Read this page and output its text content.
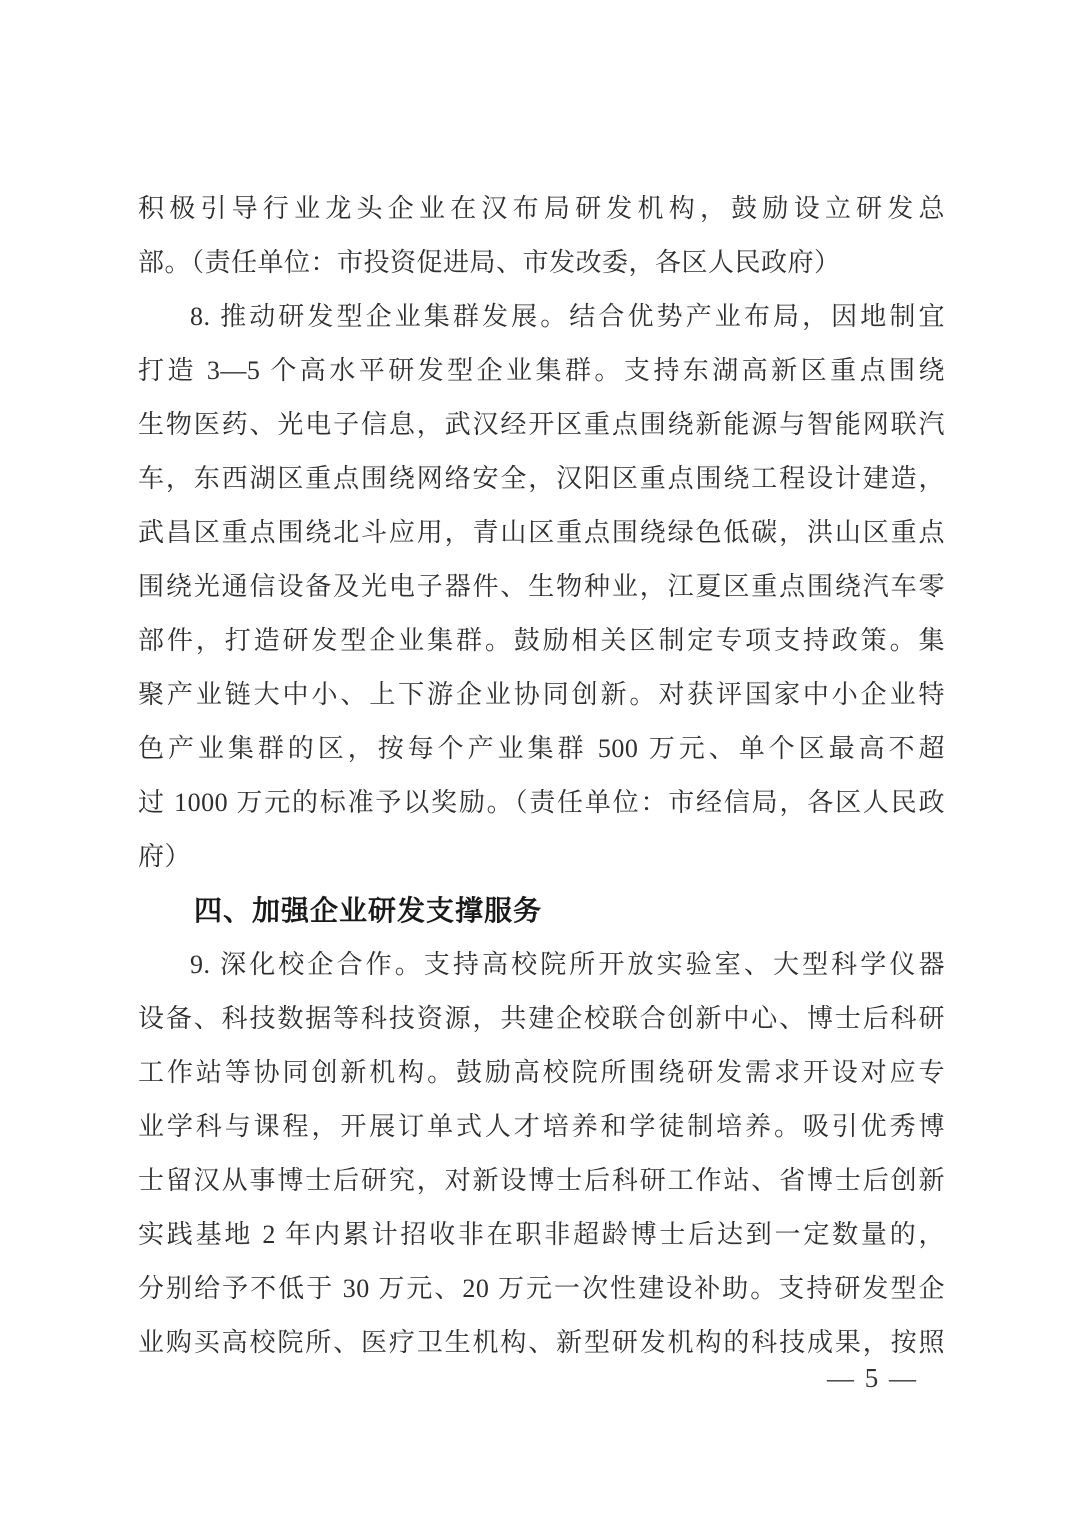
积极引导行业龙头企业在汉布局研发机构，鼓励设立研发总
部。（责任单位：市投资促进局、市发改委，各区人民政府）
8. 推动研发型企业集群发展。结合优势产业布局，因地制宜
打造 3—5 个高水平研发型企业集群。支持东湖高新区重点围绕
生物医药、光电子信息，武汉经开区重点围绕新能源与智能网联汽
车，东西湖区重点围绕网络安全，汉阳区重点围绕工程设计建造，
武昌区重点围绕北斗应用，青山区重点围绕绿色低碳，洪山区重点
围绕光通信设备及光电子器件、生物种业，江夏区重点围绕汽车零
部件，打造研发型企业集群。鼓励相关区制定专项支持政策。集
聚产业链大中小、上下游企业协同创新。对获评国家中小企业特
色产业集群的区，按每个产业集群 500 万元、单个区最高不超
过 1000 万元的标准予以奖励。（责任单位：市经信局，各区人民政
府）
四、加强企业研发支撑服务
9. 深化校企合作。支持高校院所开放实验室、大型科学仪器
设备、科技数据等科技资源，共建企校联合创新中心、博士后科研
工作站等协同创新机构。鼓励高校院所围绕研发需求开设对应专
业学科与课程，开展订单式人才培养和学徒制培养。吸引优秀博
士留汉从事博士后研究，对新设博士后科研工作站、省博士后创新
实践基地 2 年内累计招收非在职非超龄博士后达到一定数量的，
分别给予不低于 30 万元、20 万元一次性建设补助。支持研发型企
业购买高校院所、医疗卫生机构、新型研发机构的科技成果，按照
— 5 —
